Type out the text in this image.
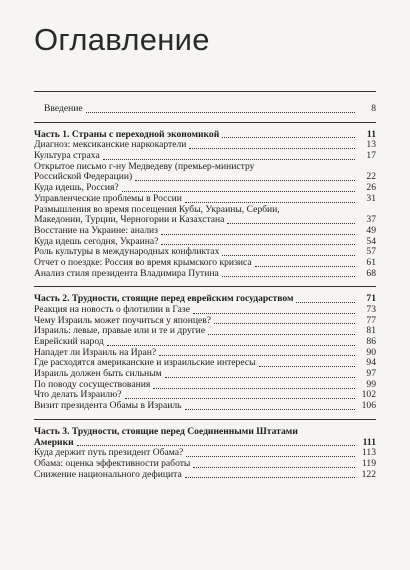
Оглавление
Введение	8
Часть 1. Страны с переходной экономикой	11
Диагноз: мексиканские наркокартели	13
Культура страха	17
Открытое письмо г-ну Медведеву (премьер-министру
Российской Федерации)	22
Куда идешь, Россия?	26
Управленческие проблемы в России	31
Размышления во время посещения Кубы, Украины, Сербии,
Македонии, Турции, Черногории и Казахстана	37
Восстание на Украине: анализ	49
Куда идешь сегодня, Украина?	54
Роль культуры в международных конфликтах	57
Отчет о поездке: Россия во время крымского кризиса	61
Анализ стиля президента Владимира Путина	68
Часть 2. Трудности, стоящие перед еврейским государством	71
Реакция на новость о флотилии в Газе	73
Чему Израиль может поучиться у японцев?	77
Израиль: левые, правые или и те и другие	81
Еврейский народ	86
Нападет ли Израиль на Иран?	90
Где расходятся американские и израильские интересы	94
Израиль должен быть сильным	97
По поводу сосуществования	99
Что делать Израилю?	102
Визит президента Обамы в Израиль	106
Часть 3. Трудности, стоящие перед Соединенными Штатами
Америки	111
Куда держит путь президент Обама?	113
Обама: оценка эффективности работы	119
Снижение национального дефицита	122
